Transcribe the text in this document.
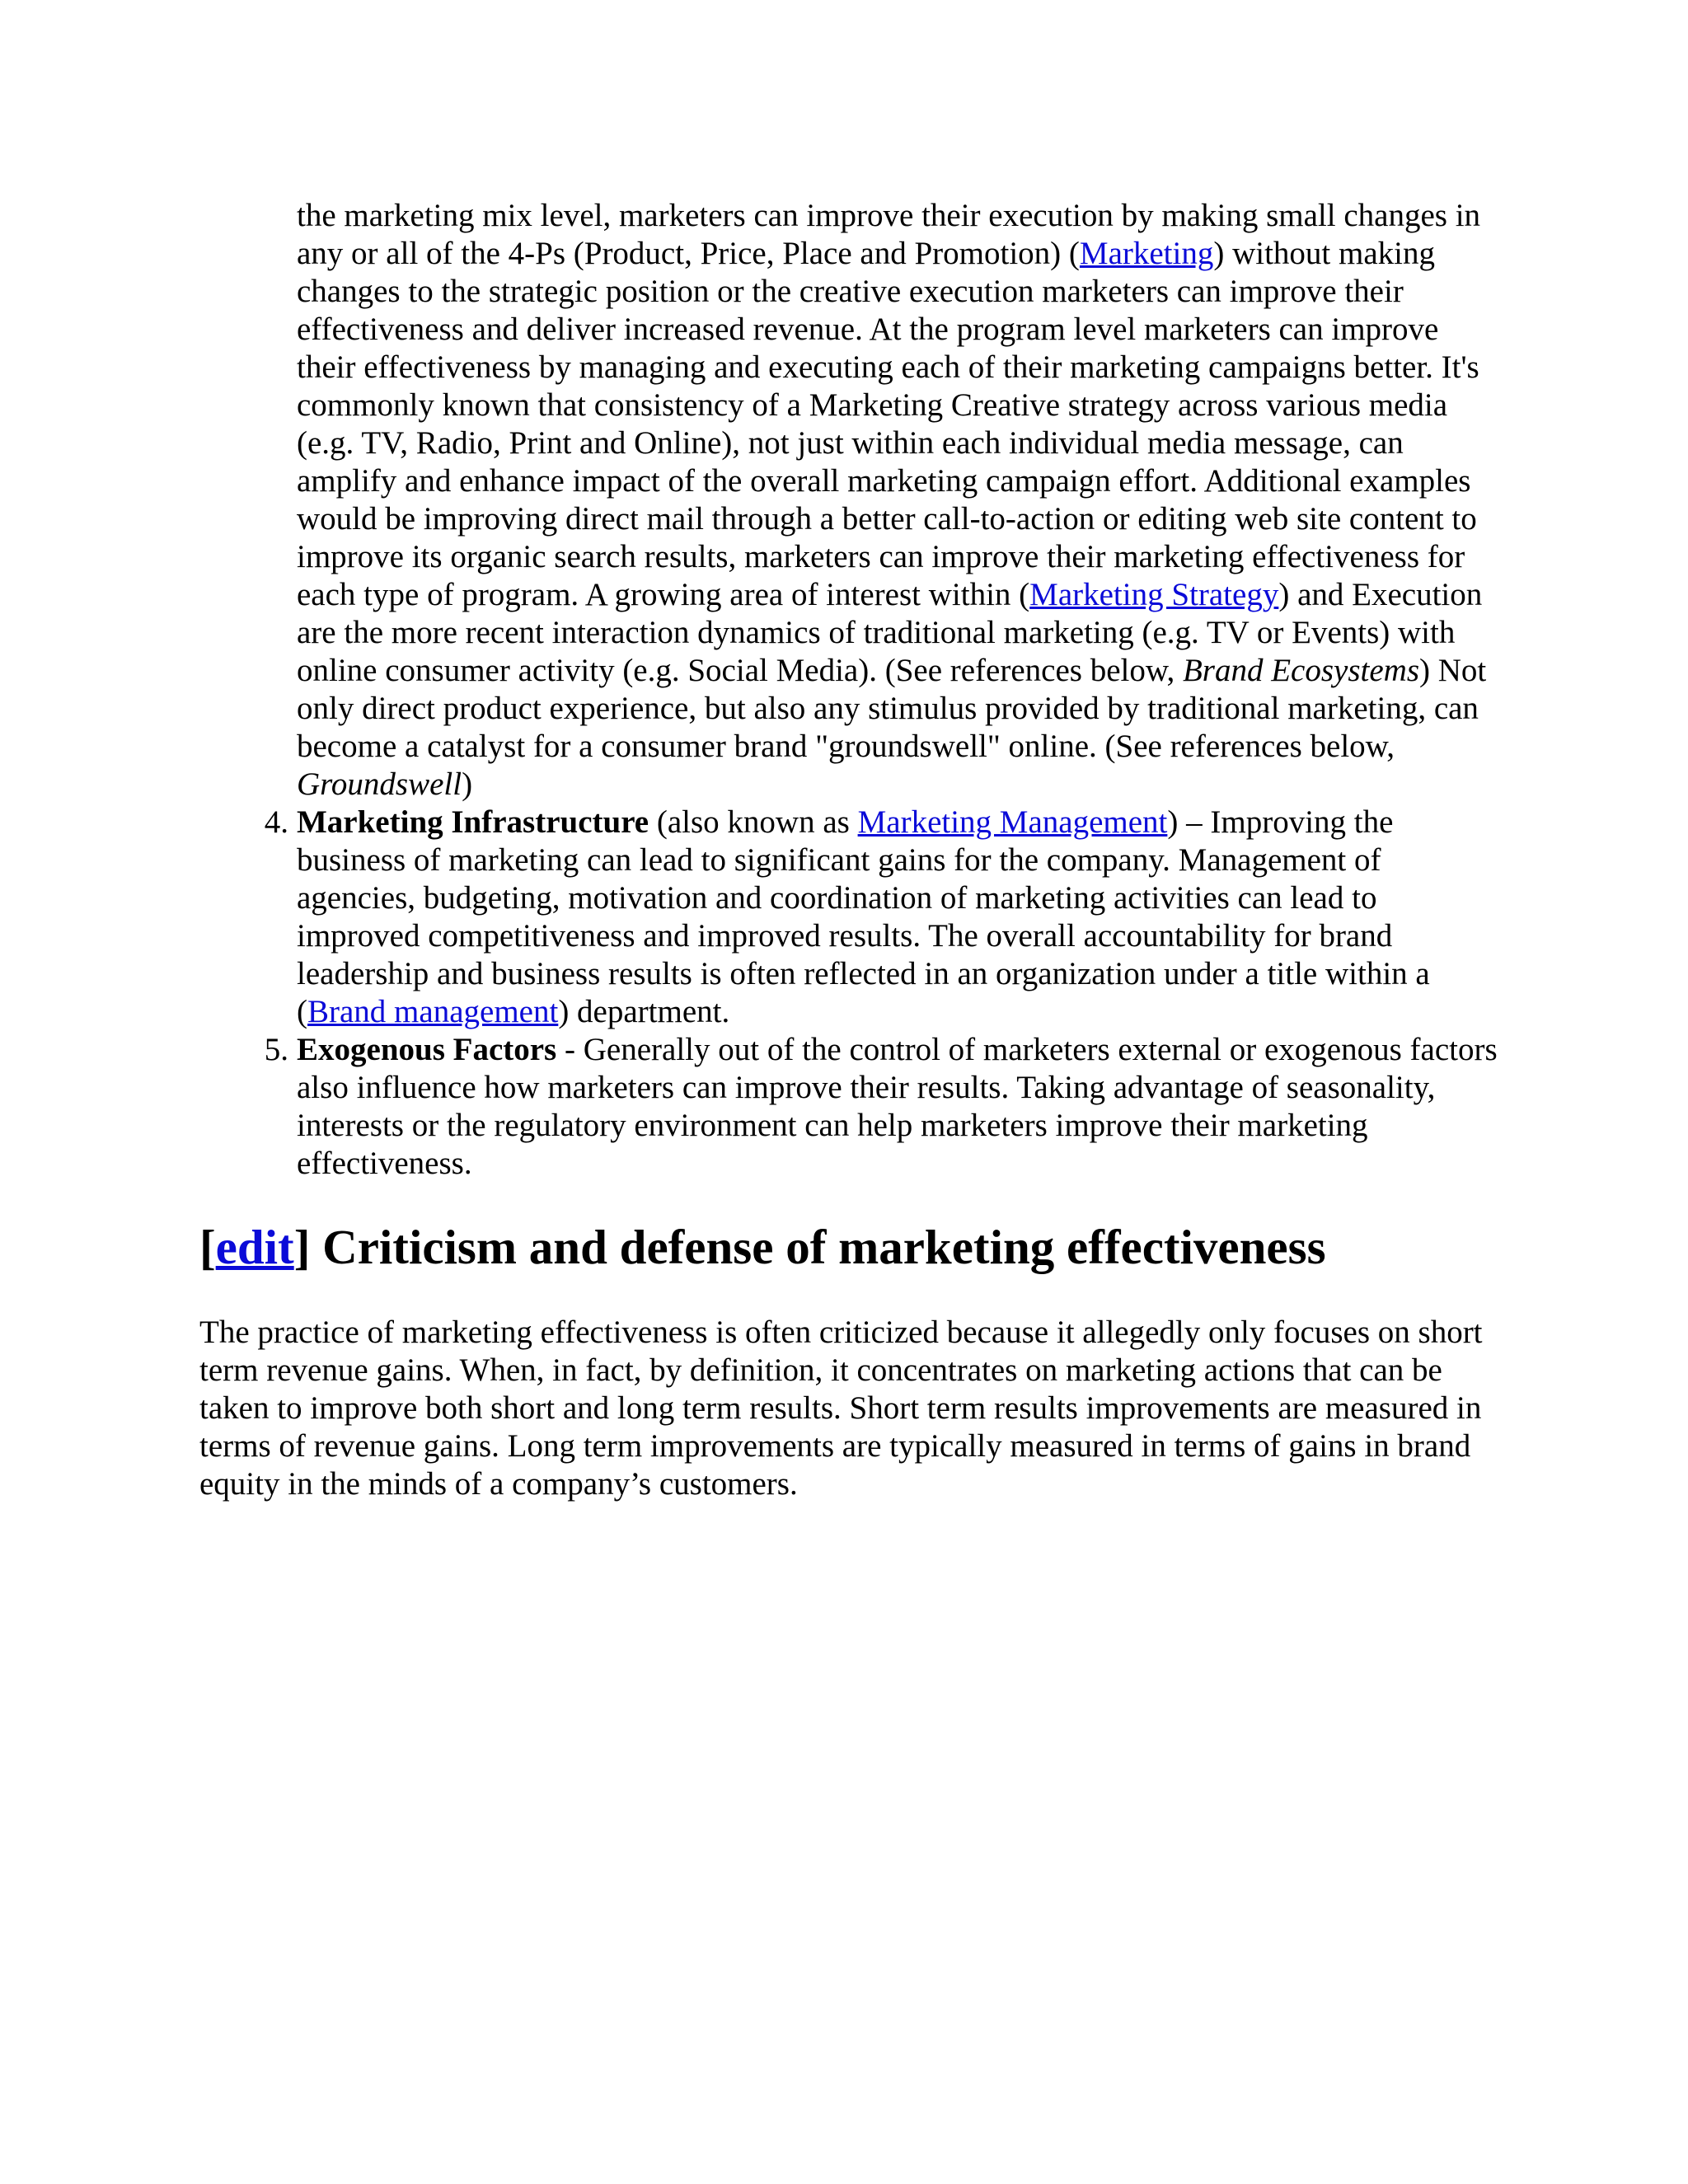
the marketing mix level, marketers can improve their execution by making small changes in any or all of the 4-Ps (Product, Price, Place and Promotion) (Marketing) without making changes to the strategic position or the creative execution marketers can improve their effectiveness and deliver increased revenue. At the program level marketers can improve their effectiveness by managing and executing each of their marketing campaigns better. It's commonly known that consistency of a Marketing Creative strategy across various media (e.g. TV, Radio, Print and Online), not just within each individual media message, can amplify and enhance impact of the overall marketing campaign effort. Additional examples would be improving direct mail through a better call-to-action or editing web site content to improve its organic search results, marketers can improve their marketing effectiveness for each type of program. A growing area of interest within (Marketing Strategy) and Execution are the more recent interaction dynamics of traditional marketing (e.g. TV or Events) with online consumer activity (e.g. Social Media). (See references below, Brand Ecosystems) Not only direct product experience, but also any stimulus provided by traditional marketing, can become a catalyst for a consumer brand "groundswell" online. (See references below, Groundswell)

4. Marketing Infrastructure (also known as Marketing Management) – Improving the business of marketing can lead to significant gains for the company. Management of agencies, budgeting, motivation and coordination of marketing activities can lead to improved competitiveness and improved results. The overall accountability for brand leadership and business results is often reflected in an organization under a title within a (Brand management) department.
5. Exogenous Factors - Generally out of the control of marketers external or exogenous factors also influence how marketers can improve their results. Taking advantage of seasonality, interests or the regulatory environment can help marketers improve their marketing effectiveness.
[edit] Criticism and defense of marketing effectiveness

The practice of marketing effectiveness is often criticized because it allegedly only focuses on short term revenue gains. When, in fact, by definition, it concentrates on marketing actions that can be taken to improve both short and long term results. Short term results improvements are measured in terms of revenue gains. Long term improvements are typically measured in terms of gains in brand equity in the minds of a company’s customers.
